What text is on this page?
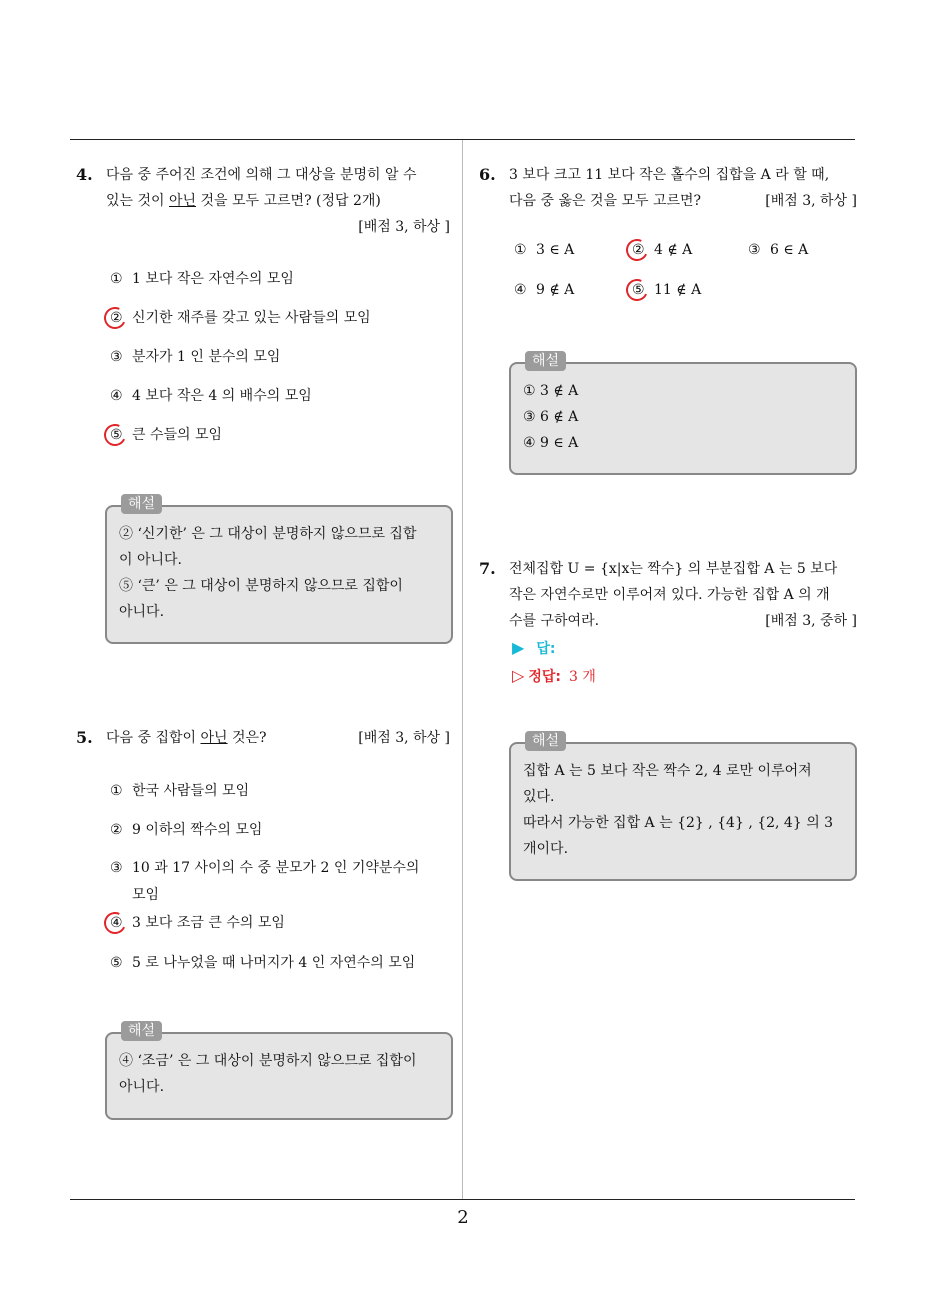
4. 다음 중 주어진 조건에 의해 그 대상을 분명히 알 수
있는 것이 아닌 것을 모두 고르면? (정답 2개)
[배점 3, 하상 ]
① 1 보다 작은 자연수의 모임
② 신기한 재주를 갖고 있는 사람들의 모임
③ 분자가 1 인 분수의 모임
④ 4 보다 작은 4 의 배수의 모임
⑤ 큰 수들의 모임
해설
② ‘신기한’ 은 그 대상이 분명하지 않으므로 집합
이 아니다.
⑤ ‘큰’ 은 그 대상이 분명하지 않으므로 집합이
아니다.
5. 다음 중 집합이 아닌 것은?	[배점 3, 하상 ]
① 한국 사람들의 모임
② 9 이하의 짝수의 모임
③ 10 과 17 사이의 수 중 분모가 2 인 기약분수의
모임
④ 3 보다 조금 큰 수의 모임
⑤ 5 로 나누었을 때 나머지가 4 인 자연수의 모임
해설
④ ‘조금’ 은 그 대상이 분명하지 않으므로 집합이
아니다.
6. 3 보다 크고 11 보다 작은 홀수의 집합을 A 라 할 때,
다음 중 옳은 것을 모두 고르면?	[배점 3, 하상 ]
① 3 ∈ A	② 4 ∉ A	③ 6 ∈ A
④ 9 ∉ A	⑤ 11 ∉ A
해설
① 3 ∉ A
③ 6 ∉ A
④ 9 ∈ A
7. 전체집합 U = {x|x는 짝수} 의 부분집합 A 는 5 보다
작은 자연수로만 이루어져 있다. 가능한 집합 A 의 개
수를 구하여라.	[배점 3, 중하 ]
▶ 답:
▷ 정답: 3 개
해설
집합 A 는 5 보다 작은 짝수 2, 4 로만 이루어져
있다.
따라서 가능한 집합 A 는 {2} , {4} , {2, 4} 의 3
개이다.
2
